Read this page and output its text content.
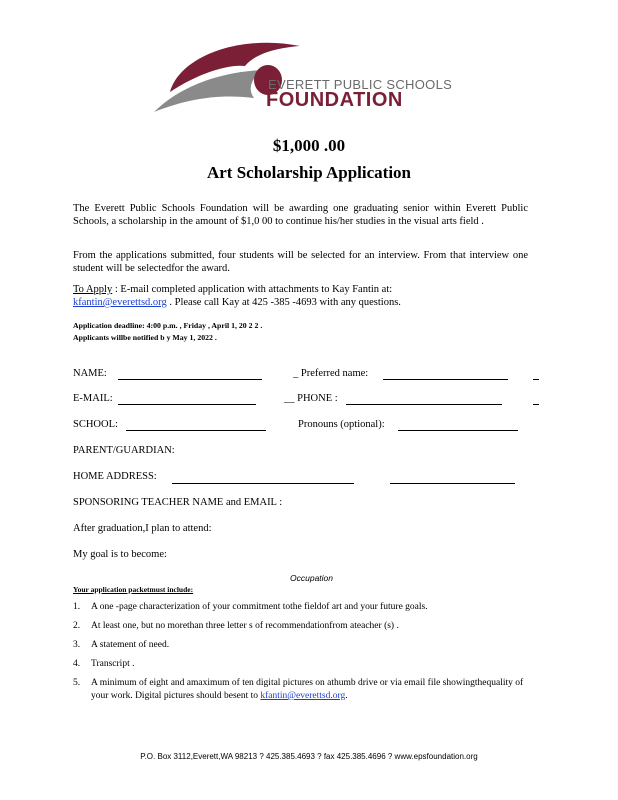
EVERETT PUBLIC SCHOOLS
FOUNDATION
$1,000 .00
Art Scholarship Application
The Everett Public Schools Foundation will be awarding one graduating senior within Everett Public Schools, a scholarship in the amount of $1,0 00 to continue his/her studies in the visual arts field .
From the applications submitted, four students will be selected for an interview. From that interview one student will be selectedfor the award.
To Apply : E-mail completed application with attachments to Kay Fantin at:
kfantin@everettsd.org . Please call Kay at 425 -385 -4693 with any questions.
Application deadline: 4:00 p.m. , Friday , April 1, 20 2 2 .
Applicants willbe notified b y May 1, 2022 .
NAME:	_ Preferred name:
E-MAIL:	__ PHONE :
SCHOOL:	Pronouns (optional):
PARENT/GUARDIAN:
HOME ADDRESS:
SPONSORING TEACHER NAME and EMAIL :
After graduation,I plan to attend:
My goal is to become:
Occupation
Your application packetmust include:
1. A one -page characterization of your commitment tothe fieldof art and your future goals.
2. At least one, but no morethan three letter s of recommendationfrom ateacher (s) .
3. A statement of need.
4. Transcript .
5. A minimum of eight and amaximum of ten digital pictures on athumb drive or via email file showingthequality of your work. Digital pictures should besent to kfantin@everettsd.org.
P.O. Box 3112,Everett,WA 98213 ? 425.385.4693 ? fax 425.385.4696 ? www.epsfoundation.org
